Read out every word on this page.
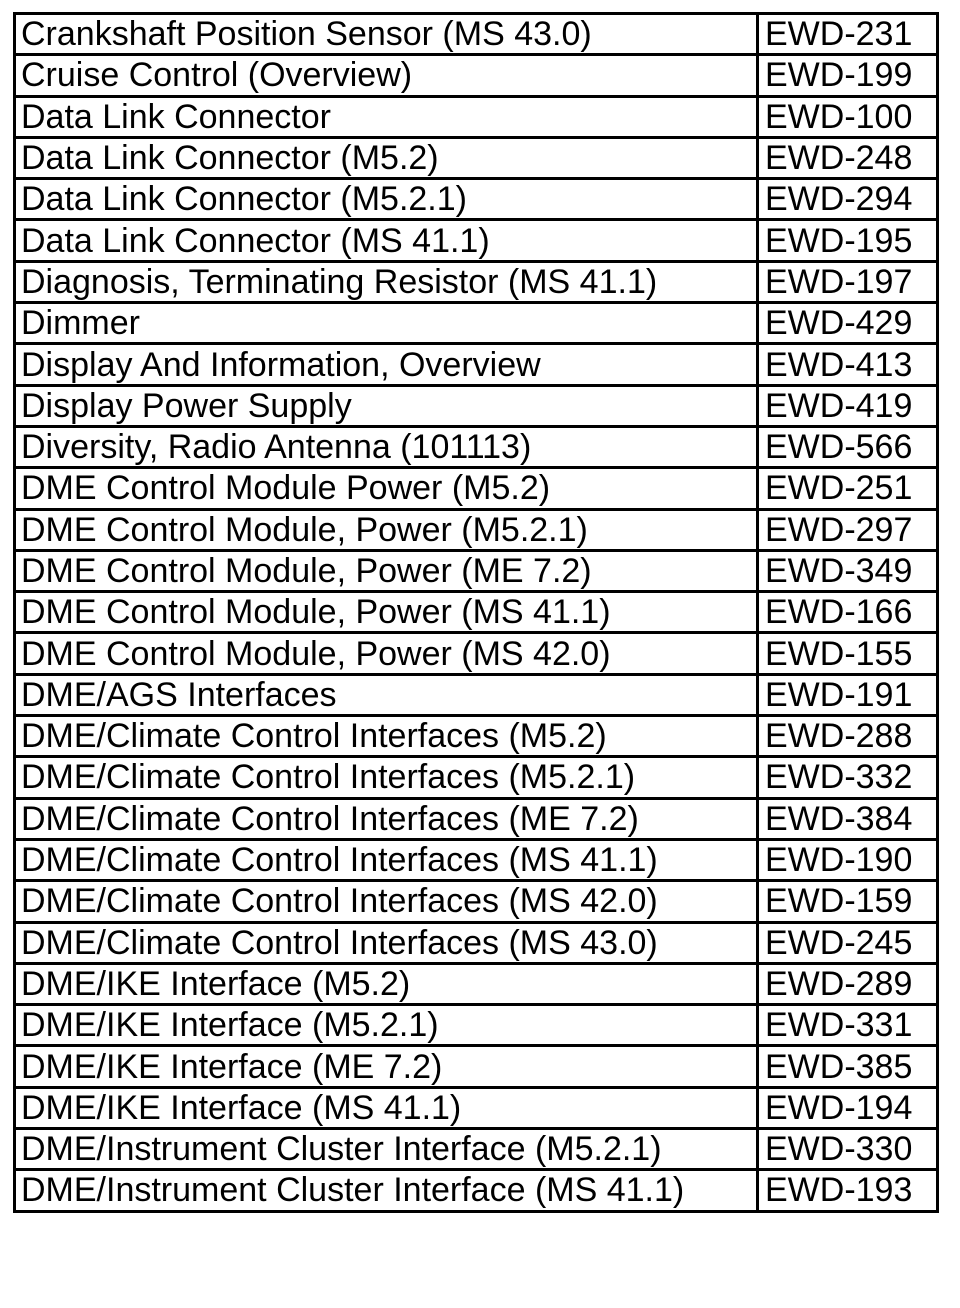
Crankshaft Position Sensor (MS 43.0)	EWD-231
Cruise Control (Overview)	EWD-199
Data Link Connector	EWD-100
Data Link Connector (M5.2)	EWD-248
Data Link Connector (M5.2.1)	EWD-294
Data Link Connector (MS 41.1)	EWD-195
Diagnosis, Terminating Resistor (MS 41.1)	EWD-197
Dimmer	EWD-429
Display And Information, Overview	EWD-413
Display Power Supply	EWD-419
Diversity, Radio Antenna (101113)	EWD-566
DME Control Module Power (M5.2)	EWD-251
DME Control Module, Power (M5.2.1)	EWD-297
DME Control Module, Power (ME 7.2)	EWD-349
DME Control Module, Power (MS 41.1)	EWD-166
DME Control Module, Power (MS 42.0)	EWD-155
DME/AGS Interfaces	EWD-191
DME/Climate Control Interfaces (M5.2)	EWD-288
DME/Climate Control Interfaces (M5.2.1)	EWD-332
DME/Climate Control Interfaces (ME 7.2)	EWD-384
DME/Climate Control Interfaces (MS 41.1)	EWD-190
DME/Climate Control Interfaces (MS 42.0)	EWD-159
DME/Climate Control Interfaces (MS 43.0)	EWD-245
DME/IKE Interface (M5.2)	EWD-289
DME/IKE Interface (M5.2.1)	EWD-331
DME/IKE Interface (ME 7.2)	EWD-385
DME/IKE Interface (MS 41.1)	EWD-194
DME/Instrument Cluster Interface (M5.2.1)	EWD-330
DME/Instrument Cluster Interface (MS 41.1)	EWD-193
